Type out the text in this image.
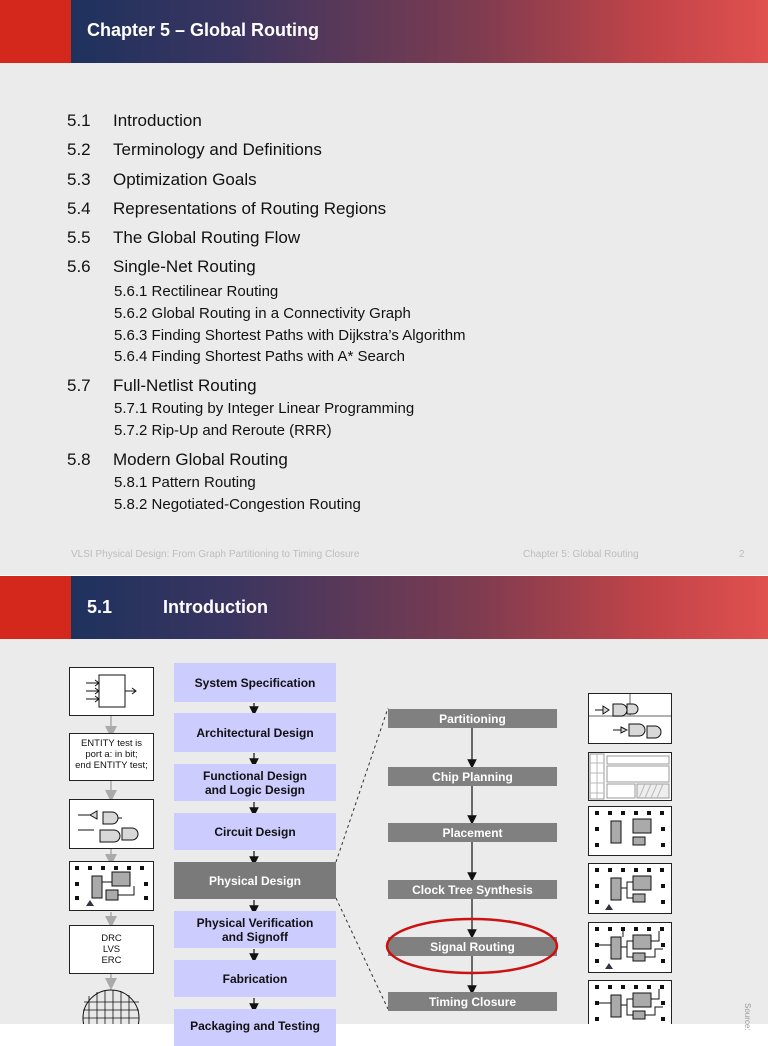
Chapter 5 – Global Routing
5.1 Introduction
5.2 Terminology and Definitions
5.3 Optimization Goals
5.4 Representations of Routing Regions
5.5 The Global Routing Flow
5.6 Single-Net Routing
5.6.1 Rectilinear Routing
5.6.2 Global Routing in a Connectivity Graph
5.6.3 Finding Shortest Paths with Dijkstra’s Algorithm
5.6.4 Finding Shortest Paths with A* Search
5.7 Full-Netlist Routing
5.7.1 Routing by Integer Linear Programming
5.7.2 Rip-Up and Reroute (RRR)
5.8 Modern Global Routing
5.8.1 Pattern Routing
5.8.2 Negotiated-Congestion Routing
VLSI Physical Design: From Graph Partitioning to Timing Closure	Chapter 5: Global Routing	2
5.1	Introduction
System Specification
Architectural Design
Functional Design and Logic Design
Circuit Design
Physical Design
Physical Verification and Signoff
Fabrication
Packaging and Testing
Partitioning
Chip Planning
Placement
Clock Tree Synthesis
Signal Routing
Timing Closure
ENTITY test is
port a: in bit;
end ENTITY test;
DRC
LVS
ERC
Source:
